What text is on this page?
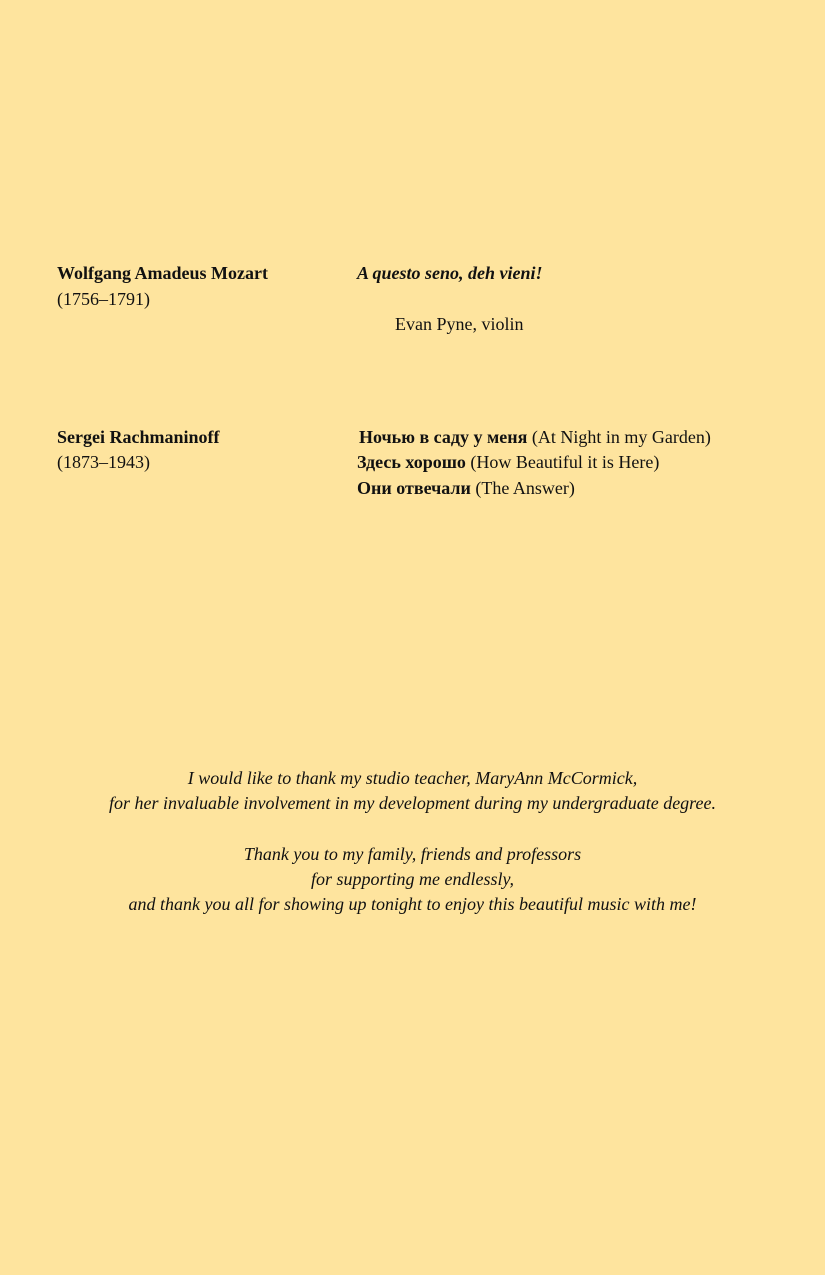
Wolfgang Amadeus Mozart
(1756–1791)
A questo seno, deh vieni!
Evan Pyne, violin
Sergei Rachmaninoff
(1873–1943)
Ночью в саду у меня (At Night in my Garden)
Здесь хорошо (How Beautiful it is Here)
Они отвечали (The Answer)
I would like to thank my studio teacher, MaryAnn McCormick,
for her invaluable involvement in my development during my undergraduate degree.
Thank you to my family, friends and professors
for supporting me endlessly,
and thank you all for showing up tonight to enjoy this beautiful music with me!
